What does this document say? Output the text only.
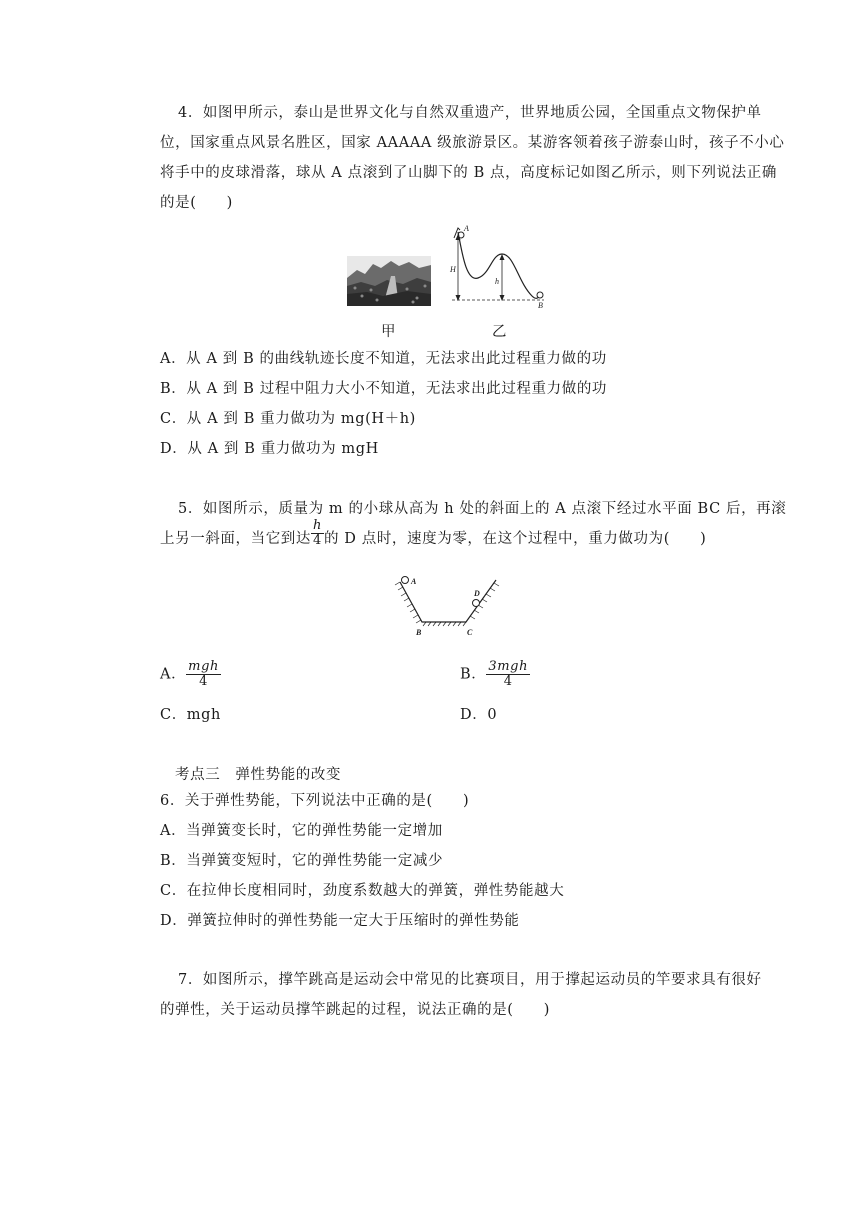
4．如图甲所示，泰山是世界文化与自然双重遗产，世界地质公园，全国重点文物保护单
位，国家重点风景名胜区，国家 AAAAA 级旅游景区。某游客领着孩子游泰山时，孩子不小心
将手中的皮球滑落，球从 A 点滚到了山脚下的 B 点，高度标记如图乙所示，则下列说法正确
的是(　　)
A
H
h
B
甲	乙
A．从 A 到 B 的曲线轨迹长度不知道，无法求出此过程重力做的功
B．从 A 到 B 过程中阻力大小不知道，无法求出此过程重力做的功
C．从 A 到 B 重力做功为 mg(H＋h)
D．从 A 到 B 重力做功为 mgH
5．如图所示，质量为 m 的小球从高为 h 处的斜面上的 A 点滚下经过水平面 BC 后，再滚
上另一斜面，当它到达 $\frac{h}{4}$ 的 D 点时，速度为零，在这个过程中，重力做功为(　　)
A
D
B	C
A． $\frac{\text{mgh}}{4}$	B． $\frac{\text{3mgh}}{4}$
C．mgh	D．0
考点三　弹性势能的改变
6．关于弹性势能，下列说法中正确的是(　　)
A．当弹簧变长时，它的弹性势能一定增加
B．当弹簧变短时，它的弹性势能一定减少
C．在拉伸长度相同时，劲度系数越大的弹簧，弹性势能越大
D．弹簧拉伸时的弹性势能一定大于压缩时的弹性势能
7．如图所示，撑竿跳高是运动会中常见的比赛项目，用于撑起运动员的竿要求具有很好
的弹性，关于运动员撑竿跳起的过程，说法正确的是(　　)
